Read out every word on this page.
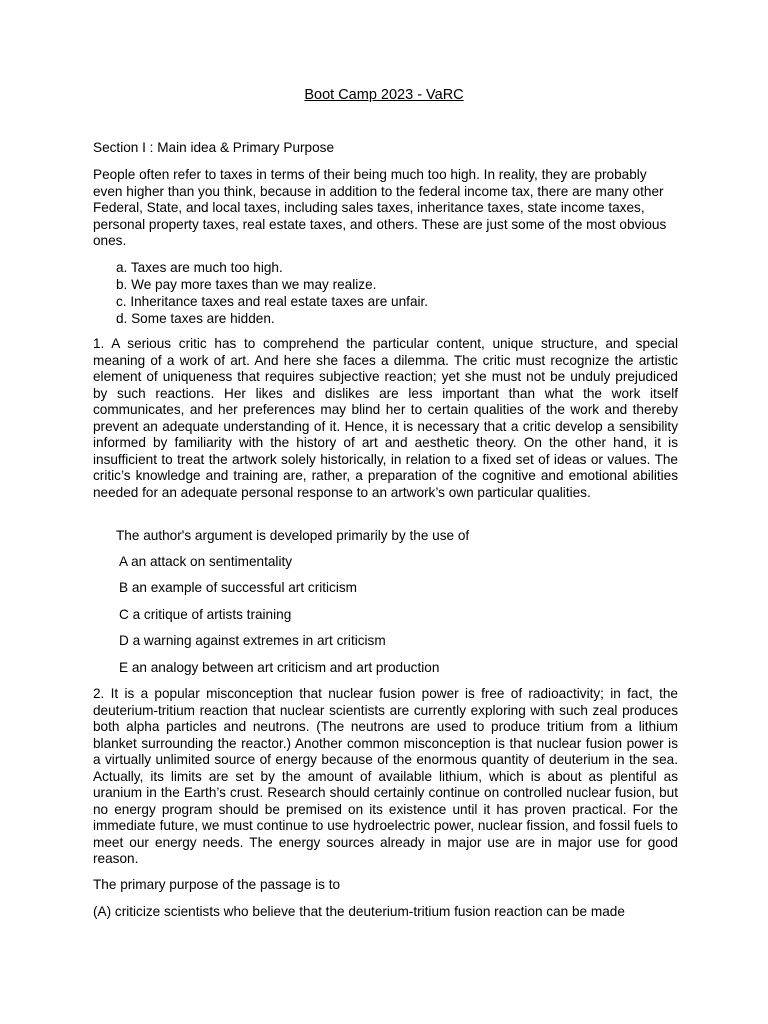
Boot Camp 2023 - VaRC

Section I : Main idea & Primary Purpose

People often refer to taxes in terms of their being much too high. In reality, they are probably even higher than you think, because in addition to the federal income tax, there are many other Federal, State, and local taxes, including sales taxes, inheritance taxes, state income taxes, personal property taxes, real estate taxes, and others. These are just some of the most obvious ones.

a. Taxes are much too high.
b. We pay more taxes than we may realize.
c. Inheritance taxes and real estate taxes are unfair.
d. Some taxes are hidden.

1. A serious critic has to comprehend the particular content, unique structure, and special meaning of a work of art. And here she faces a dilemma. The critic must recognize the artistic element of uniqueness that requires subjective reaction; yet she must not be unduly prejudiced by such reactions. Her likes and dislikes are less important than what the work itself communicates, and her preferences may blind her to certain qualities of the work and thereby prevent an adequate understanding of it. Hence, it is necessary that a critic develop a sensibility informed by familiarity with the history of art and aesthetic theory. On the other hand, it is insufficient to treat the artwork solely historically, in relation to a fixed set of ideas or values. The critic’s knowledge and training are, rather, a preparation of the cognitive and emotional abilities needed for an adequate personal response to an artwork’s own particular qualities.

The author's argument is developed primarily by the use of

A an attack on sentimentality

B an example of successful art criticism

C a critique of artists training

D a warning against extremes in art criticism

E an analogy between art criticism and art production

2. It is a popular misconception that nuclear fusion power is free of radioactivity; in fact, the deuterium-tritium reaction that nuclear scientists are currently exploring with such zeal produces both alpha particles and neutrons. (The neutrons are used to produce tritium from a lithium blanket surrounding the reactor.) Another common misconception is that nuclear fusion power is a virtually unlimited source of energy because of the enormous quantity of deuterium in the sea. Actually, its limits are set by the amount of available lithium, which is about as plentiful as uranium in the Earth’s crust. Research should certainly continue on controlled nuclear fusion, but no energy program should be premised on its existence until it has proven practical. For the immediate future, we must continue to use hydroelectric power, nuclear fission, and fossil fuels to meet our energy needs. The energy sources already in major use are in major use for good reason.

The primary purpose of the passage is to

(A) criticize scientists who believe that the deuterium-tritium fusion reaction can be made
